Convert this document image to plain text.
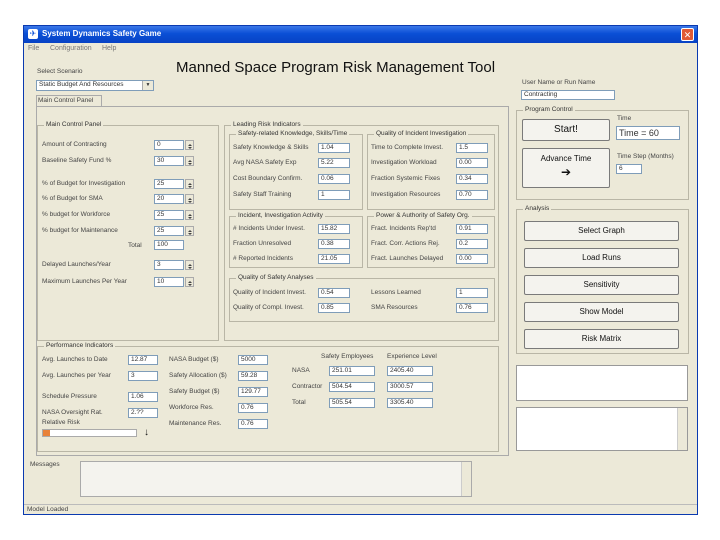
✈ System Dynamics Safety Game	✕
File Configuration Help
Manned Space Program Risk Management Tool
Select Scenario
Static Budget And Resources	▼
Main Control Panel
User Name or Run Name
Contracting
Main Control Panel	Leading Risk Indicators
Safety-related Knowledge, Skills/Time	Quality of Incident Investigation
Incident, Investigation Activity	Power & Authority of Safety Org.
Quality of Safety Analyses
Program Control
Start!
Time
Time = 60
Advance Time
➔
Time Step (Months)
6
Analysis
Performance Indicators
Safety Employees Experience Level
Relative Risk
↓
Messages
Model Loaded
Amount of Contracting	0
Baseline Safety Fund %	30
% of Budget for Investigation	25
% of Budget for SMA	20
% budget for Workforce	25
% budget for Maintenance	25
Total	100
Delayed Launches/Year	3
Maximum Launches Per Year	10
Safety Knowledge & Skills	1.04
Avg NASA Safety Exp	5.22
Cost Boundary Confirm.	0.06
Safety Staff Training	1
Time to Complete Invest.	1.5
Investigation Workload	0.00
Fraction Systemic Fixes	0.34
Investigation Resources	0.70
# Incidents Under Invest.	15.82
Fraction Unresolved	0.38
# Reported Incidents	21.05
Fract. Incidents Rep'td	0.91
Fract. Corr. Actions Rej.	0.2
Fract. Launches Delayed	0.00
Quality of Incident Invest.	0.54
Quality of Compl. Invest.	0.85
Lessons Learned	1
SMA Resources	0.76
Select Graph
Load Runs
Sensitivity
Show Model
Risk Matrix
Avg. Launches to Date	12.87
Avg. Launches per Year	3
Schedule Pressure	1.06
NASA Oversight Rat.	2.??
NASA Budget ($)	5000
Safety Allocation ($)	59.28
Safety Budget ($)	129.77
Workforce Res.	0.76
Maintenance Res.	0.76
NASA	251.01	2405.40
Contractor	504.54	3000.57
Total	505.54	3305.40
